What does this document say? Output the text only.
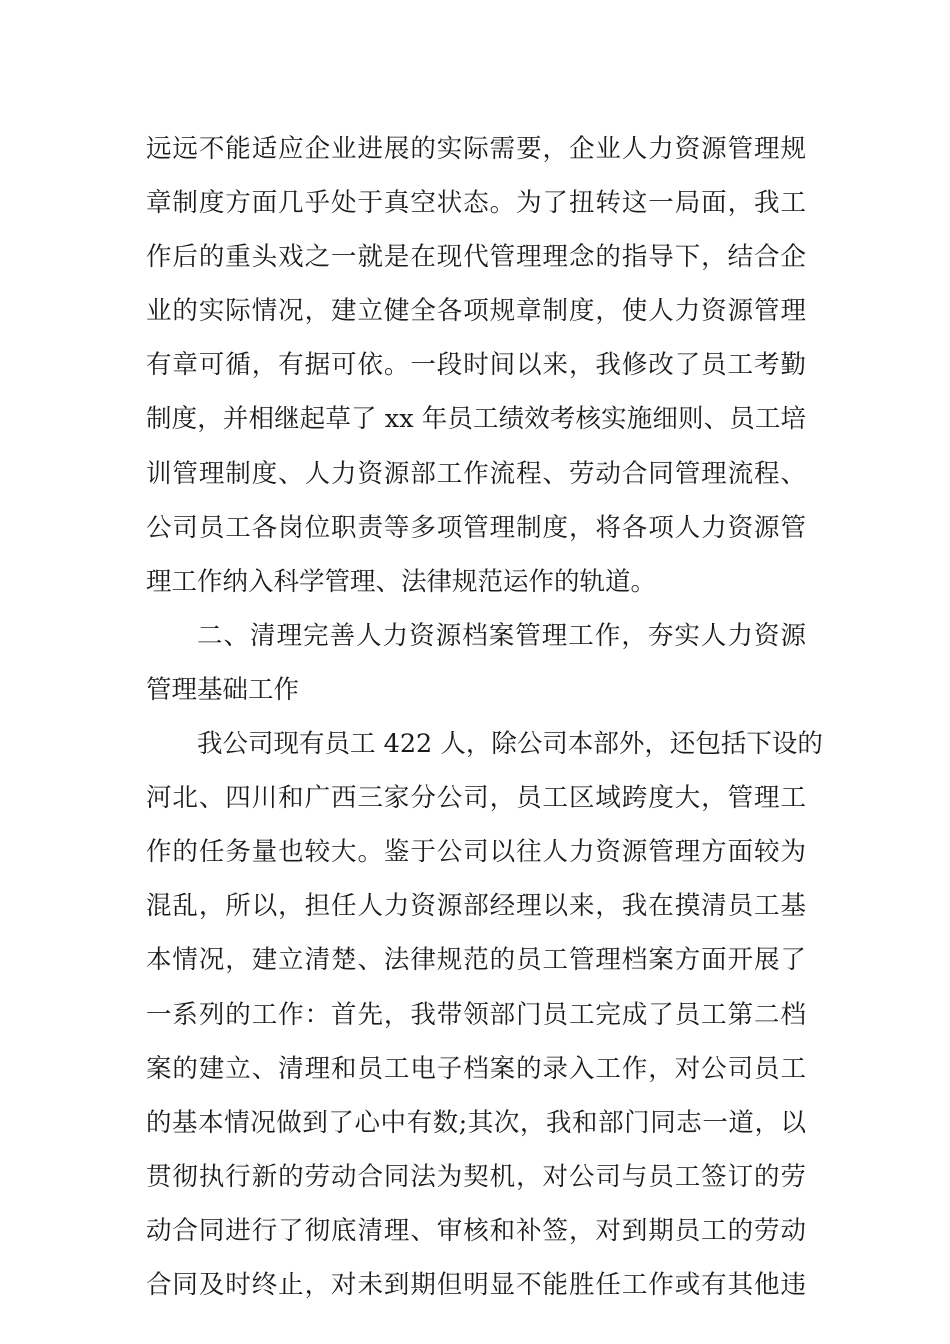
远远不能适应企业进展的实际需要，企业人力资源管理规
章制度方面几乎处于真空状态。为了扭转这一局面，我工
作后的重头戏之一就是在现代管理理念的指导下，结合企
业的实际情况，建立健全各项规章制度，使人力资源管理
有章可循，有据可依。一段时间以来，我修改了员工考勤
制度，并相继起草了 xx 年员工绩效考核实施细则、员工培
训管理制度、人力资源部工作流程、劳动合同管理流程、
公司员工各岗位职责等多项管理制度，将各项人力资源管
理工作纳入科学管理、法律规范运作的轨道。

二、清理完善人力资源档案管理工作，夯实人力资源
管理基础工作

我公司现有员工 422 人，除公司本部外，还包括下设的
河北、四川和广西三家分公司，员工区域跨度大，管理工
作的任务量也较大。鉴于公司以往人力资源管理方面较为
混乱，所以，担任人力资源部经理以来，我在摸清员工基
本情况，建立清楚、法律规范的员工管理档案方面开展了
一系列的工作：首先，我带领部门员工完成了员工第二档
案的建立、清理和员工电子档案的录入工作，对公司员工
的基本情况做到了心中有数;其次，我和部门同志一道，以
贯彻执行新的劳动合同法为契机，对公司与员工签订的劳
动合同进行了彻底清理、审核和补签，对到期员工的劳动
合同及时终止，对未到期但明显不能胜任工作或有其他违
